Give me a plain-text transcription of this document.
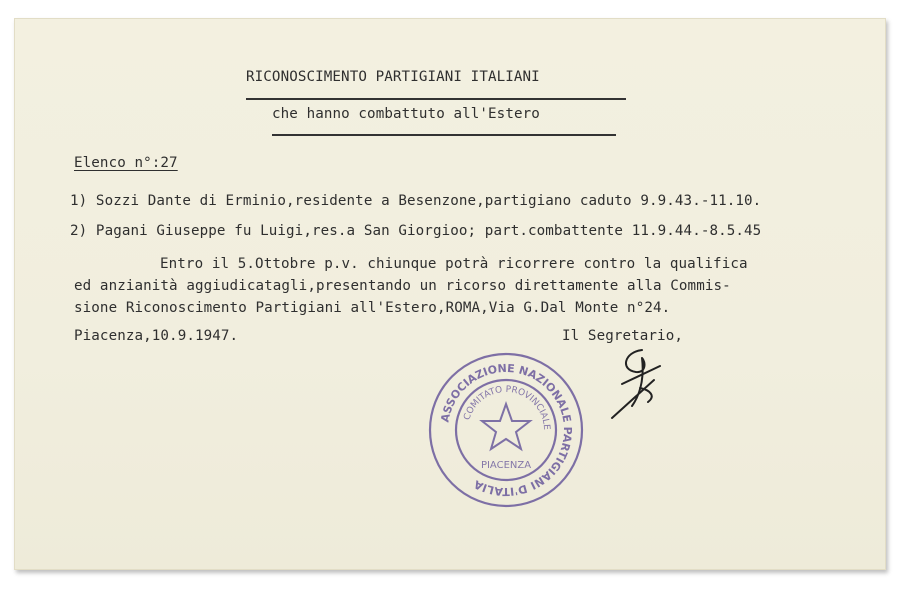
RICONOSCIMENTO PARTIGIANI ITALIANI
che hanno combattuto all'Estero
Elenco n°:27
1) Sozzi Dante di Erminio,residente a Besenzone,partigiano caduto 9.9.43.-11.10.
2) Pagani Giuseppe fu Luigi,res.a San Giorgioo; part.combattente 11.9.44.-8.5.45
Entro il 5.Ottobre p.v. chiunque potrà ricorrere contro la qualifica
ed anzianità aggiudicatagli,presentando un ricorso direttamente alla Commis-
sione Riconoscimento Partigiani all'Estero,ROMA,Via G.Dal Monte n°24.
Piacenza,10.9.1947.	Il Segretario,
ASSOCIAZIONE NAZIONALE PARTIGIANI D'ITALIA
COMITATO PROVINCIALE
PIACENZA
